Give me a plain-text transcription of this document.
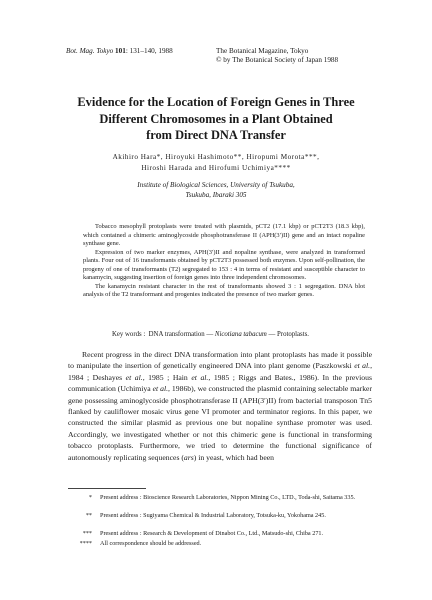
Bot. Mag. Tokyo 101: 131–140, 1988	The Botanical Magazine, Tokyo
© by The Botanical Society of Japan 1988
Evidence for the Location of Foreign Genes in Three
Different Chromosomes in a Plant Obtained
from Direct DNA Transfer
Akihiro Hara*, Hiroyuki Hashimoto**, Hiropumi Morota***,
Hiroshi Harada and Hirofumi Uchimiya****
Institute of Biological Sciences, University of Tsukuba,
Tsukuba, Ibaraki 305

Tobacco mesophyll protoplasts were treated with plasmids, pCT2 (17.1 kbp) or pCT2T3 (18.3 kbp), which contained a chimeric aminoglycoside phosphotransferase II (APH(3′)II) gene and an intact nopaline synthase gene.

Expression of two marker enzymes, APH(3′)II and nopaline synthase, were analyzed in transformed plants. Four out of 16 transformants obtained by pCT2T3 possessed both enzymes. Upon self-pollination, the progeny of one of transformants (T2) segregated to 153 : 4 in terms of resistant and susceptible character to kanamycin, suggesting insertion of foreign genes into three independent chromosomes.

The kanamycin resistant character in the rest of transformants showed 3 : 1 segregation. DNA blot analysis of the T2 transformant and progenies indicated the presence of two marker genes.

Key words : DNA transformation — Nicotiana tabacum — Protoplasts.

Recent progress in the direct DNA transformation into plant protoplasts has made it possible to manipulate the insertion of genetically engineered DNA into plant genome (Paszkowski et al., 1984 ; Deshayes et al., 1985 ; Hain et al., 1985 ; Riggs and Bates., 1986). In the previous communication (Uchimiya et al., 1986b), we constructed the plasmid containing selectable marker gene possessing aminoglycoside phosphotransferase II (APH(3′)II) from bacterial transposon Tn5 flanked by cauliflower mosaic virus gene VI promoter and terminator regions. In this paper, we constructed the similar plasmid as previous one but nopaline synthase promoter was used. Accordingly, we investigated whether or not this chimeric gene is functional in transforming tobacco protoplasts. Furthermore, we tried to determine the functional significance of autonomously replicating sequences (ars) in yeast, which had been

* Present address : Bioscience Research Laboratories, Nippon Mining Co., LTD., Toda-shi, Saitama 335.
** Present address : Sugiyama Chemical & Industrial Laboratory, Totsuka-ku, Yokohama 245.
*** Present address : Research & Development of Dinabot Co., Ltd., Matsudo-shi, Chiba 271.
**** All correspondence should be addressed.
